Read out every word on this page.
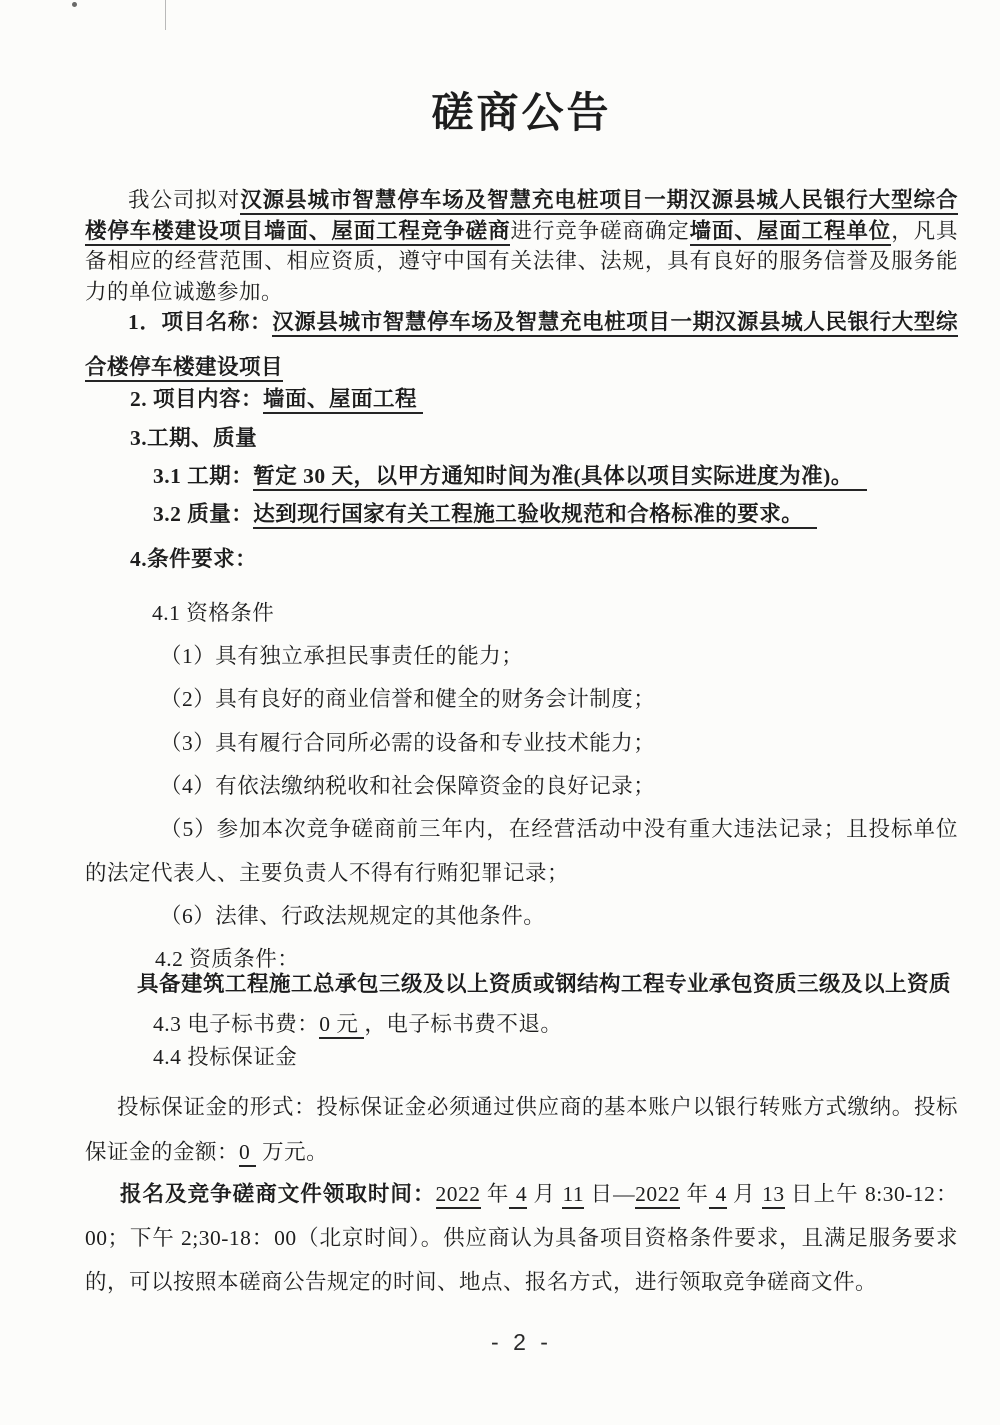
磋商公告

我公司拟对汉源县城市智慧停车场及智慧充电桩项目一期汉源县城人民银行大型综合楼停车楼建设项目墙面、屋面工程竞争磋商进行竞争磋商确定墙面、屋面工程单位，凡具备相应的经营范围、相应资质，遵守中国有关法律、法规，具有良好的服务信誉及服务能力的单位诚邀参加。

1．项目名称：汉源县城市智慧停车场及智慧充电桩项目一期汉源县城人民银行大型综合楼停车楼建设项目

2. 项目内容：墙面、屋面工程

3.工期、质量

3.1 工期：暂定 30 天，以甲方通知时间为准(具体以项目实际进度为准)。

3.2 质量：达到现行国家有关工程施工验收规范和合格标准的要求。

4.条件要求：

4.1 资格条件

（1）具有独立承担民事责任的能力；

（2）具有良好的商业信誉和健全的财务会计制度；

（3）具有履行合同所必需的设备和专业技术能力；

（4）有依法缴纳税收和社会保障资金的良好记录；

（5）参加本次竞争磋商前三年内，在经营活动中没有重大违法记录；且投标单位的法定代表人、主要负责人不得有行贿犯罪记录；

（6）法律、行政法规规定的其他条件。

4.2 资质条件：

具备建筑工程施工总承包三级及以上资质或钢结构工程专业承包资质三级及以上资质

4.3 电子标书费：0 元 ，电子标书费不退。

4.4 投标保证金

投标保证金的形式：投标保证金必须通过供应商的基本账户以银行转账方式缴纳。投标保证金的金额：0 万元。

报名及竞争磋商文件领取时间：2022 年 4 月 11 日—2022 年 4 月 13 日上午 8:30-12：00；下午 2;30-18：00（北京时间）。供应商认为具备项目资格条件要求，且满足服务要求的，可以按照本磋商公告规定的时间、地点、报名方式，进行领取竞争磋商文件。

- 2 -
